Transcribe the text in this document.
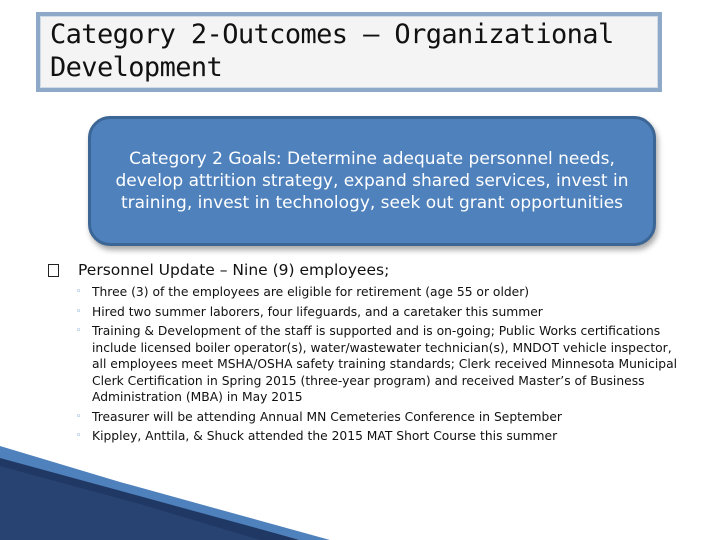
Category 2-Outcomes – Organizational
Development
Category 2 Goals: Determine adequate personnel needs, develop attrition strategy, expand shared services, invest in training, invest in technology, seek out grant opportunities
Personnel Update – Nine (9) employees;
◦ Three (3) of the employees are eligible for retirement (age 55 or older)
◦ Hired two summer laborers, four lifeguards, and a caretaker this summer
◦ Training & Development of the staff is supported and is on-going; Public Works certifications include licensed boiler operator(s), water/wastewater technician(s), MNDOT vehicle inspector, all employees meet MSHA/OSHA safety training standards; Clerk received Minnesota Municipal Clerk Certification in Spring 2015 (three-year program) and received Master’s of Business Administration (MBA) in May 2015
◦ Treasurer will be attending Annual MN Cemeteries Conference in September
◦ Kippley, Anttila, & Shuck attended the 2015 MAT Short Course this summer
